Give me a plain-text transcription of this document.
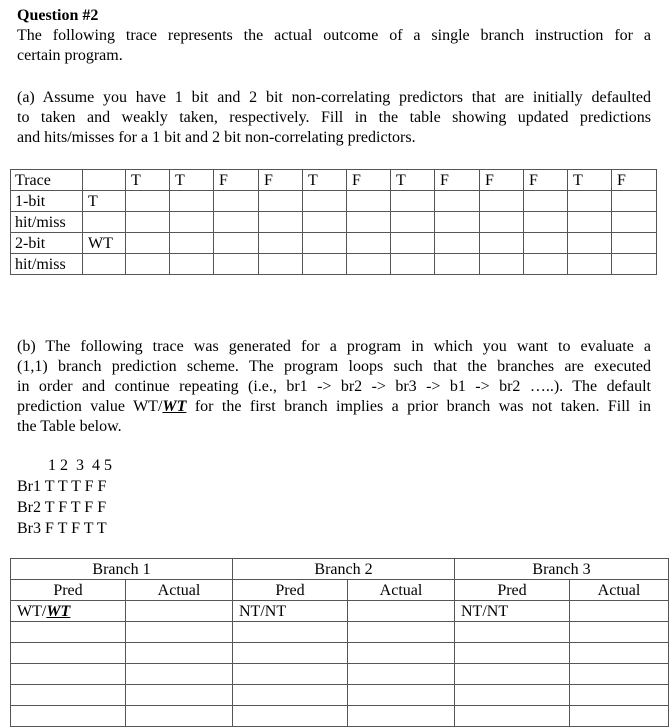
Question #2
The following trace represents the actual outcome of a single branch instruction for a
certain program.
(a) Assume you have 1 bit and 2 bit non-correlating predictors that are initially defaulted
to taken and weakly taken, respectively. Fill in the table showing updated predictions
and hits/misses for a 1 bit and 2 bit non-correlating predictors.
Trace		T	T	F	F	T	F	T	F	F	F	T	F
1-bit	T												
hit/miss													
2-bit	WT												
hit/miss													
(b) The following trace was generated for a program in which you want to evaluate a
(1,1) branch prediction scheme. The program loops such that the branches are executed
in order and continue repeating (i.e., br1 -> br2 -> br3 -> b1 -> br2 …..). The default
prediction value WT/WT for the first branch implies a prior branch was not taken. Fill in
the Table below.
1 2  3  4 5
Br1 T T T F F
Br2 T F T F F
Br3 F T F T T
Branch 1		Branch 2		Branch 3	
Pred	Actual	Pred	Actual	Pred	Actual
WT/WT		NT/NT		NT/NT	
